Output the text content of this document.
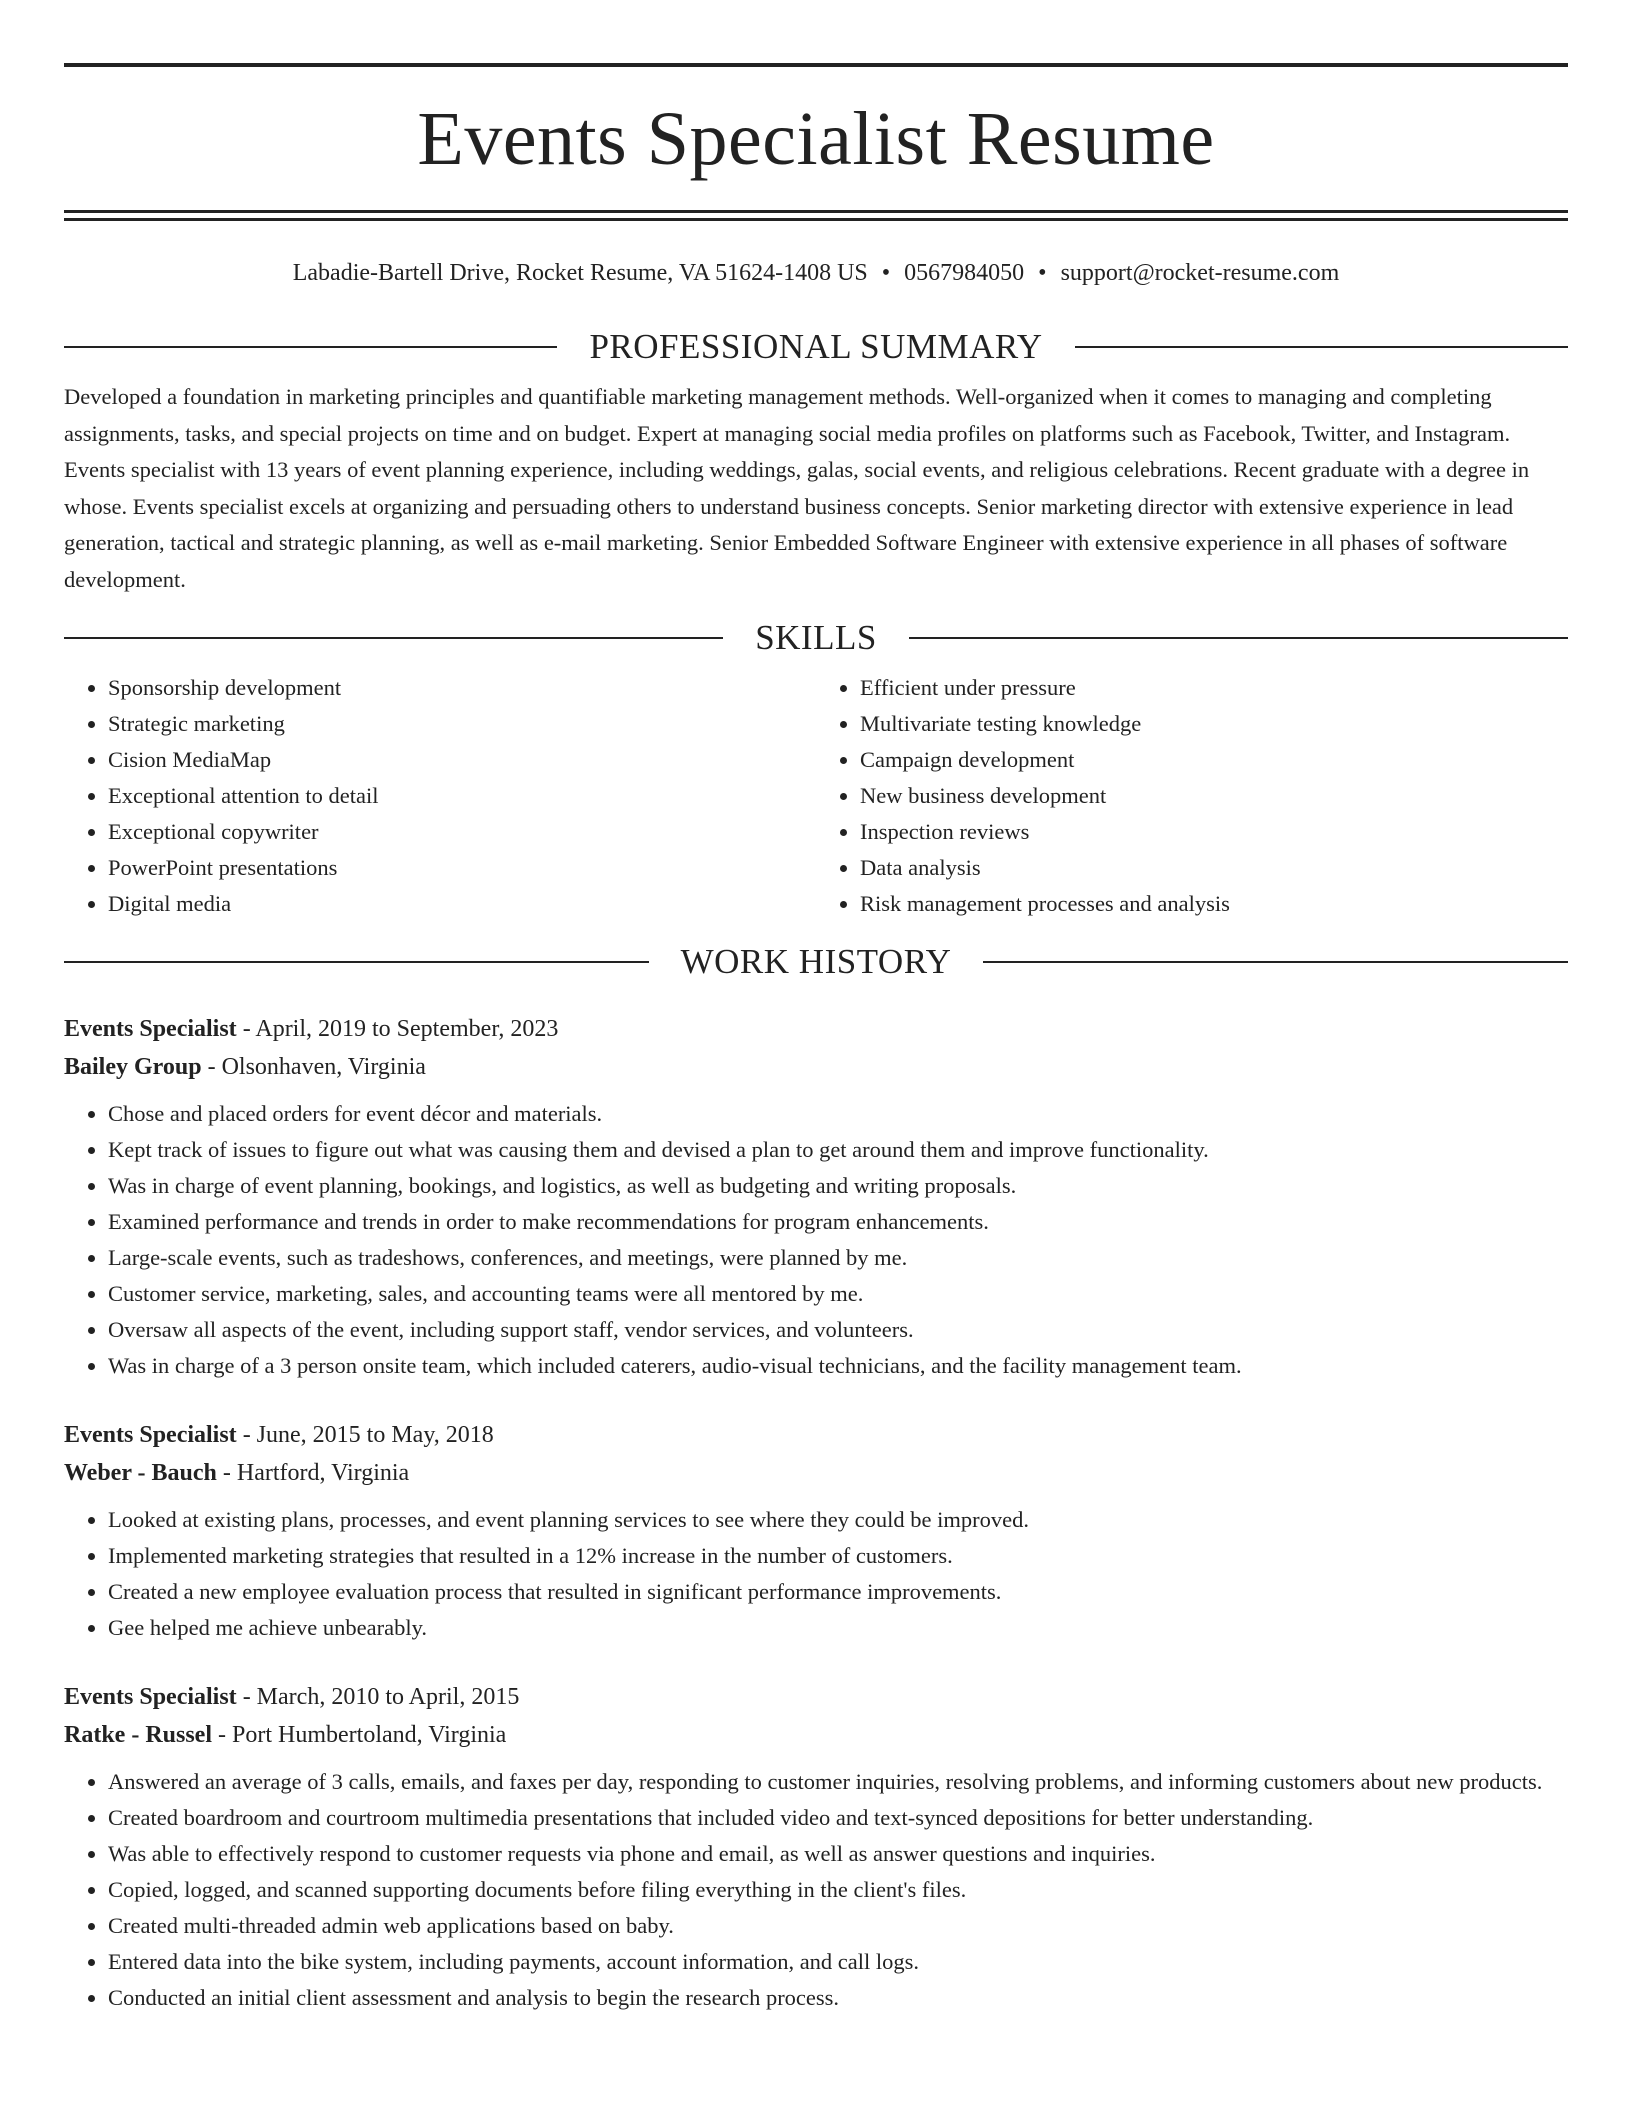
Events Specialist Resume
Labadie-Bartell Drive, Rocket Resume, VA 51624-1408 US • 0567984050 • support@rocket-resume.com
PROFESSIONAL SUMMARY
Developed a foundation in marketing principles and quantifiable marketing management methods. Well-organized when it comes to managing and completing assignments, tasks, and special projects on time and on budget. Expert at managing social media profiles on platforms such as Facebook, Twitter, and Instagram. Events specialist with 13 years of event planning experience, including weddings, galas, social events, and religious celebrations. Recent graduate with a degree in whose. Events specialist excels at organizing and persuading others to understand business concepts. Senior marketing director with extensive experience in lead generation, tactical and strategic planning, as well as e-mail marketing. Senior Embedded Software Engineer with extensive experience in all phases of software development.
SKILLS
• Sponsorship development
• Strategic marketing
• Cision MediaMap
• Exceptional attention to detail
• Exceptional copywriter
• PowerPoint presentations
• Digital media
• Efficient under pressure
• Multivariate testing knowledge
• Campaign development
• New business development
• Inspection reviews
• Data analysis
• Risk management processes and analysis
WORK HISTORY
Events Specialist - April, 2019 to September, 2023
Bailey Group - Olsonhaven, Virginia
• Chose and placed orders for event décor and materials.
• Kept track of issues to figure out what was causing them and devised a plan to get around them and improve functionality.
• Was in charge of event planning, bookings, and logistics, as well as budgeting and writing proposals.
• Examined performance and trends in order to make recommendations for program enhancements.
• Large-scale events, such as tradeshows, conferences, and meetings, were planned by me.
• Customer service, marketing, sales, and accounting teams were all mentored by me.
• Oversaw all aspects of the event, including support staff, vendor services, and volunteers.
• Was in charge of a 3 person onsite team, which included caterers, audio-visual technicians, and the facility management team.
Events Specialist - June, 2015 to May, 2018
Weber - Bauch - Hartford, Virginia
• Looked at existing plans, processes, and event planning services to see where they could be improved.
• Implemented marketing strategies that resulted in a 12% increase in the number of customers.
• Created a new employee evaluation process that resulted in significant performance improvements.
• Gee helped me achieve unbearably.
Events Specialist - March, 2010 to April, 2015
Ratke - Russel - Port Humbertoland, Virginia
• Answered an average of 3 calls, emails, and faxes per day, responding to customer inquiries, resolving problems, and informing customers about new products.
• Created boardroom and courtroom multimedia presentations that included video and text-synced depositions for better understanding.
• Was able to effectively respond to customer requests via phone and email, as well as answer questions and inquiries.
• Copied, logged, and scanned supporting documents before filing everything in the client's files.
• Created multi-threaded admin web applications based on baby.
• Entered data into the bike system, including payments, account information, and call logs.
• Conducted an initial client assessment and analysis to begin the research process.
